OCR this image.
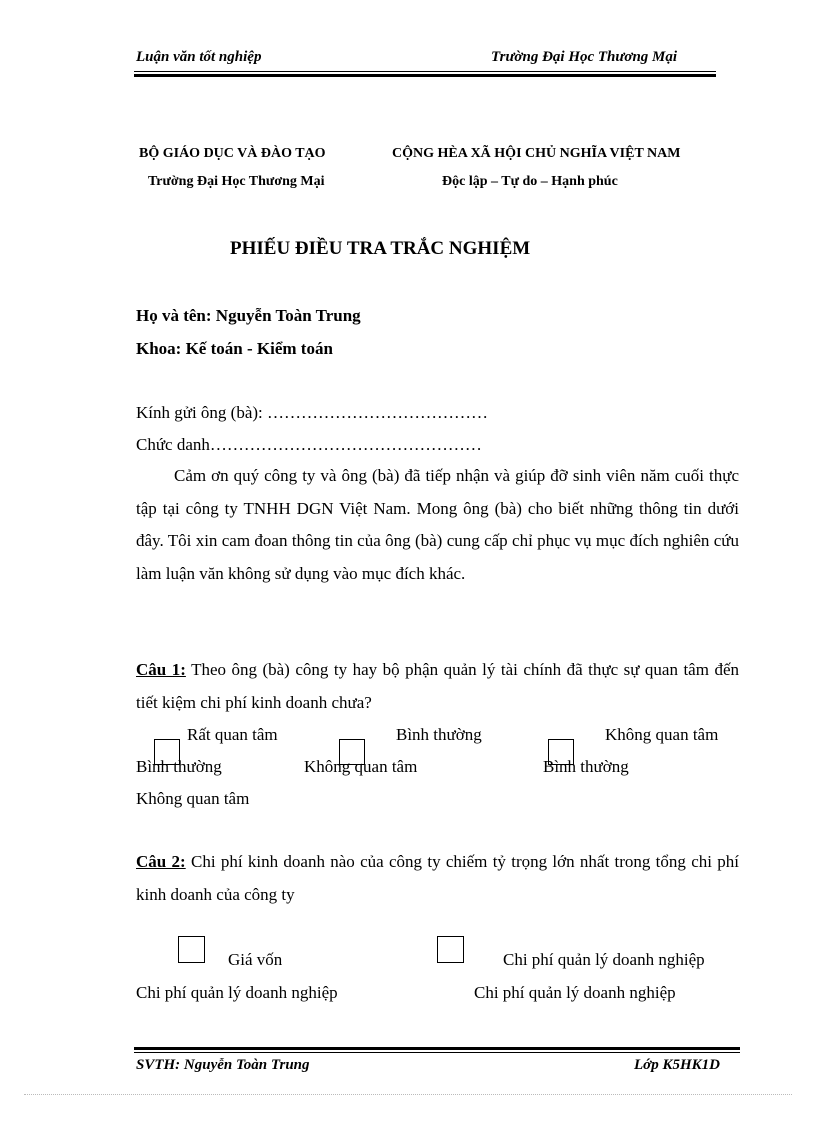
Luận văn tốt nghiệp	Trường Đại Học Thương Mại
BỘ GIÁO DỤC VÀ ĐÀO TẠO
Trường Đại Học Thương Mại
CỘNG HÈA XÃ HỘI CHỦ NGHĨA VIỆT NAM
Độc lập – Tự do – Hạnh phúc
PHIẾU ĐIỀU TRA TRẮC NGHIỆM
Họ và tên: Nguyễn Toàn Trung
Khoa: Kế toán - Kiểm toán
Kính gửi ông (bà): …………………………………
Chức danh…………………………………………
Cảm ơn quý công ty và ông (bà) đã tiếp nhận và giúp đỡ sinh viên năm cuối thực tập tại công ty TNHH DGN Việt Nam. Mong ông (bà) cho biết những thông tin dưới đây. Tôi xin cam đoan thông tin của ông (bà) cung cấp chỉ phục vụ mục đích nghiên cứu làm luận văn không sử dụng vào mục đích khác.
Câu 1: Theo ông (bà) công ty hay bộ phận quản lý tài chính đã thực sự quan tâm đến tiết kiệm chi phí kinh doanh chưa?
Rất quan tâm	Bình thường	Không quan tâm
Bình thường	Không quan tâm	Bình thường
Không quan tâm
Câu 2: Chi phí kinh doanh nào của công ty chiếm tỷ trọng lớn nhất trong tổng chi phí kinh doanh của công ty
Giá vốn	Chi phí quản lý doanh nghiệp
Chi phí quản lý doanh nghiệp	Chi phí quản lý doanh nghiệp
SVTH: Nguyễn Toàn Trung	Lớp K5HK1D
